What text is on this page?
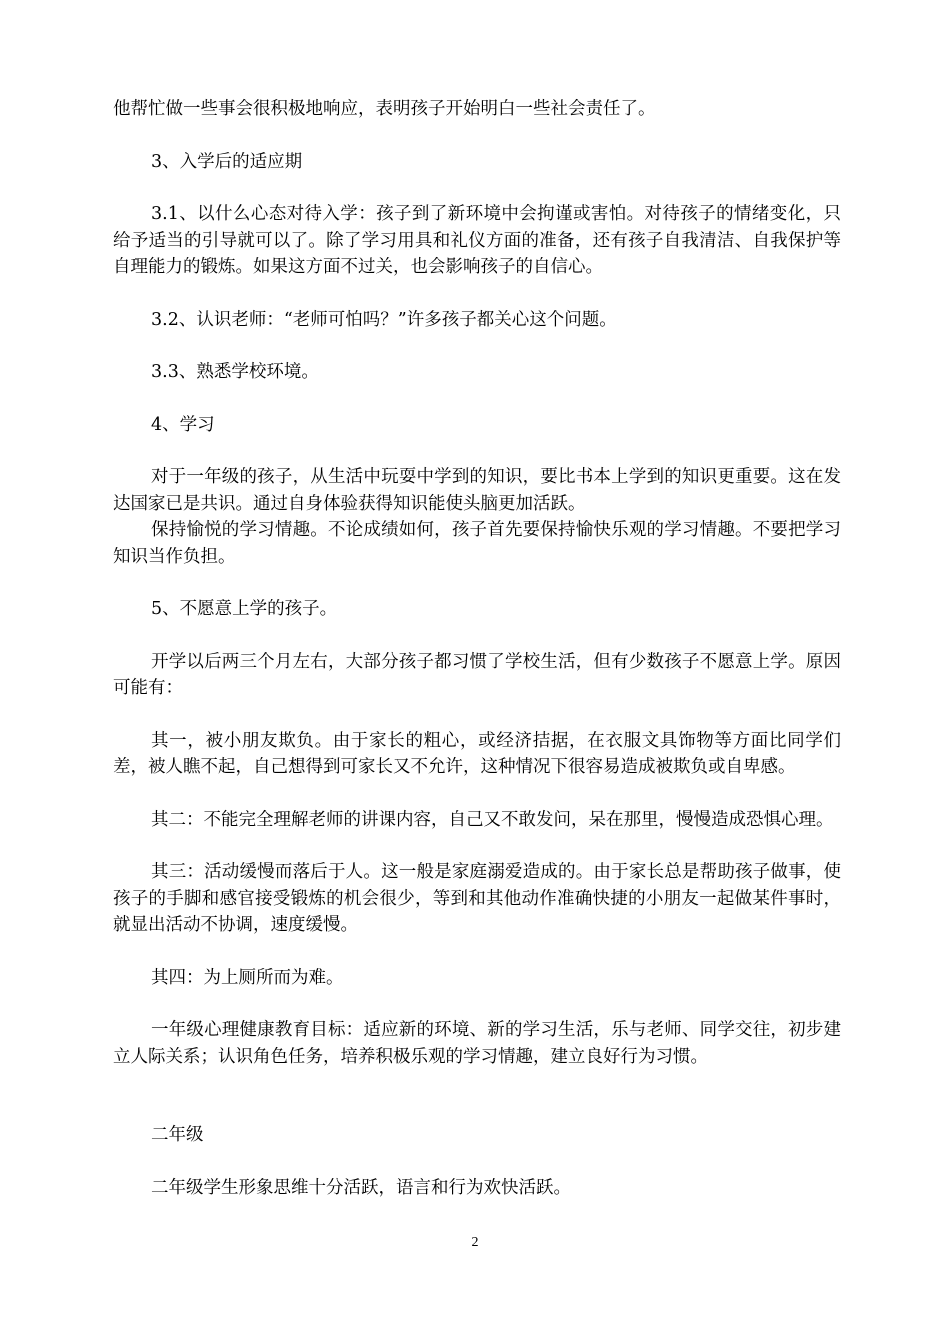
他帮忙做一些事会很积极地响应，表明孩子开始明白一些社会责任了。

3、入学后的适应期

3.1、以什么心态对待入学：孩子到了新环境中会拘谨或害怕。对待孩子的情绪变化，只给予适当的引导就可以了。除了学习用具和礼仪方面的准备，还有孩子自我清洁、自我保护等自理能力的锻炼。如果这方面不过关，也会影响孩子的自信心。

3.2、认识老师：“老师可怕吗？”许多孩子都关心这个问题。

3.3、熟悉学校环境。

4、学习

对于一年级的孩子，从生活中玩耍中学到的知识，要比书本上学到的知识更重要。这在发达国家已是共识。通过自身体验获得知识能使头脑更加活跃。

保持愉悦的学习情趣。不论成绩如何，孩子首先要保持愉快乐观的学习情趣。不要把学习知识当作负担。

5、不愿意上学的孩子。

开学以后两三个月左右，大部分孩子都习惯了学校生活，但有少数孩子不愿意上学。原因可能有：

其一，被小朋友欺负。由于家长的粗心，或经济拮据，在衣服文具饰物等方面比同学们差，被人瞧不起，自己想得到可家长又不允许，这种情况下很容易造成被欺负或自卑感。

其二：不能完全理解老师的讲课内容，自己又不敢发问，呆在那里，慢慢造成恐惧心理。

其三：活动缓慢而落后于人。这一般是家庭溺爱造成的。由于家长总是帮助孩子做事，使孩子的手脚和感官接受锻炼的机会很少，等到和其他动作准确快捷的小朋友一起做某件事时，就显出活动不协调，速度缓慢。

其四：为上厕所而为难。

一年级心理健康教育目标：适应新的环境、新的学习生活，乐与老师、同学交往，初步建立人际关系；认识角色任务，培养积极乐观的学习情趣，建立良好行为习惯。

二年级

二年级学生形象思维十分活跃，语言和行为欢快活跃。

2
